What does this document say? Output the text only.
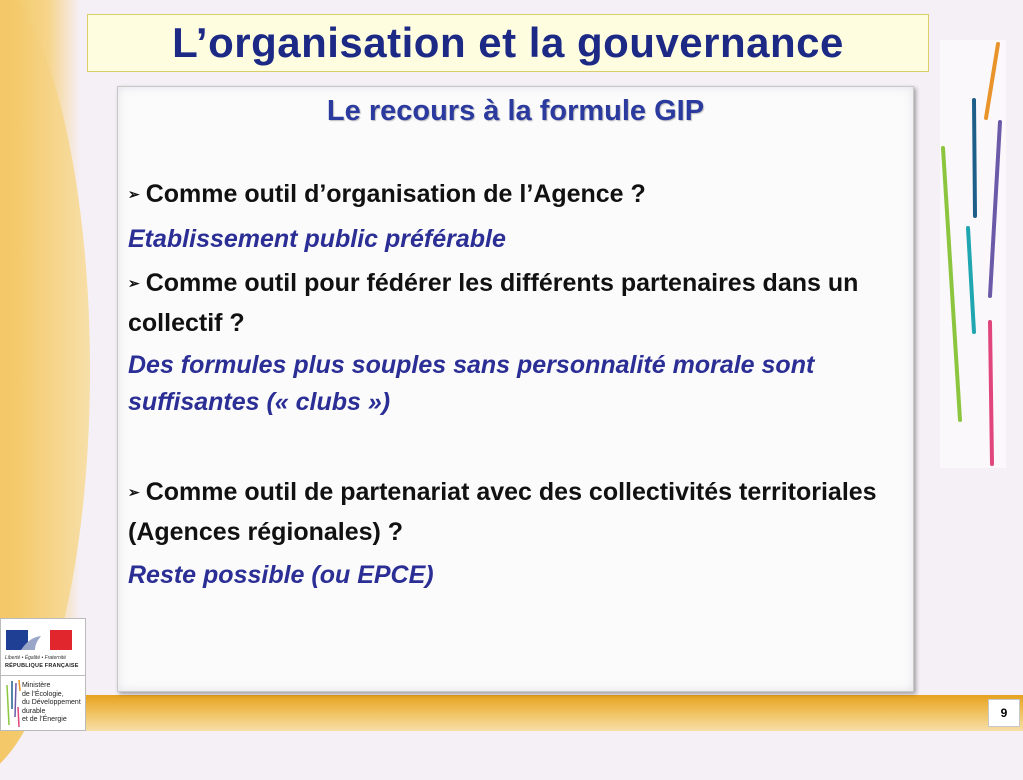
L’organisation et la gouvernance
Le recours à la formule GIP

➢ Comme outil d’organisation de l’Agence ?

Etablissement public préférable

➢ Comme outil pour fédérer les différents partenaires dans un collectif ?

Des formules plus souples sans personnalité morale sont suffisantes (« clubs »)

➢ Comme outil de partenariat avec des collectivités territoriales (Agences régionales) ?

Reste possible (ou EPCE)

Liberté • Égalité • Fraternité
RÉPUBLIQUE FRANÇAISE
Ministère
de l’Écologie,
du Développement
durable
et de l’Énergie	9
